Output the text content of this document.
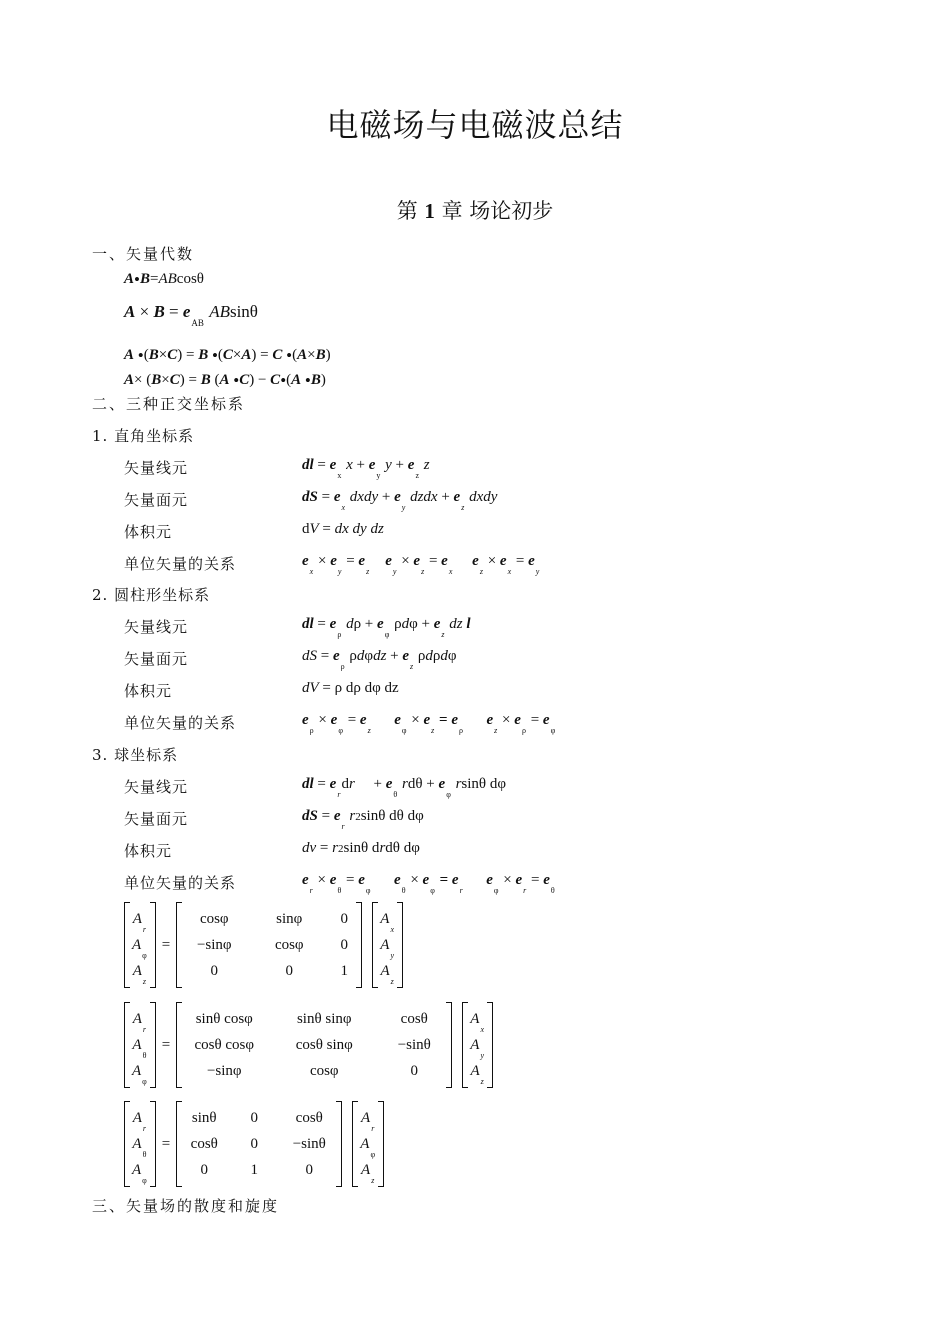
电磁场与电磁波总结
第 1 章 场论初步
一、矢量代数
A•B=ABcosθ
$A \times B = e_{AB}$ ABsinθ
A •(B×C) = B •(C×A) = C •(A×B)
A× (B×C) = B (A •C) − C•(A •B)
二、三种正交坐标系
1. 直角坐标系
矢量线元	dl = $e_x$ $x + e_y$ $y + e_z$ z
矢量面元	dS = $e_x$ dxdy + $e_y$ dzdx + $e_z$ dxdy
体积元	dV = dx dy dz
单位矢量的关系	$e_x \times e_y = e_z$    $e_y \times e_z = e_x$     $e_z \times e_x = e_y$
2. 圆柱形坐标系
矢量线元	dl = $e_\rho$ $d\rho + e_\varphi$ $\rho d\varphi + e_z$ dz l
矢量面元	dS = $e_\rho$ $\rho d\varphi dz + e_z$ ρdρdφ
体积元	dV = ρ dρ dφ dz
单位矢量的关系	$e_\rho \times e_\varphi = e_z$      $e_\varphi \times e_z = e_\rho$      $e_z \times e_\rho = e_\varphi$
3. 球坐标系
矢量线元	dl = $e_rdr$     + $e_\theta$ $rd\theta + e_\varphi$ rsinθ dφ
矢量面元	dS = $e_r$ r2sinθ dθ dφ
体积元	dv = r2sinθ drdθ dφ
单位矢量的关系	$e_r \times e_\theta = e_\varphi$      $e_\theta \times e_\varphi = e_r$      $e_\varphi \times e_r = e_\theta$
$A_r$
$A_\varphi$
$A_z$
=
cosφ	sinφ	0
−sinφ	cosφ	0
0	0	1
$A_x$
$A_y$
$A_z$
$A_r$
$A_\theta$
$A_\varphi$
=
sinθ cosφ	sinθ sinφ	cosθ
cosθ cosφ	cosθ sinφ	−sinθ
−sinφ	cosφ	0
$A_x$
$A_y$
$A_z$
$A_r$
$A_\theta$
$A_\varphi$
=
sinθ	0	cosθ
cosθ	0	−sinθ
0	1	0
$A_r$
$A_\varphi$
$A_z$
三、矢量场的散度和旋度
